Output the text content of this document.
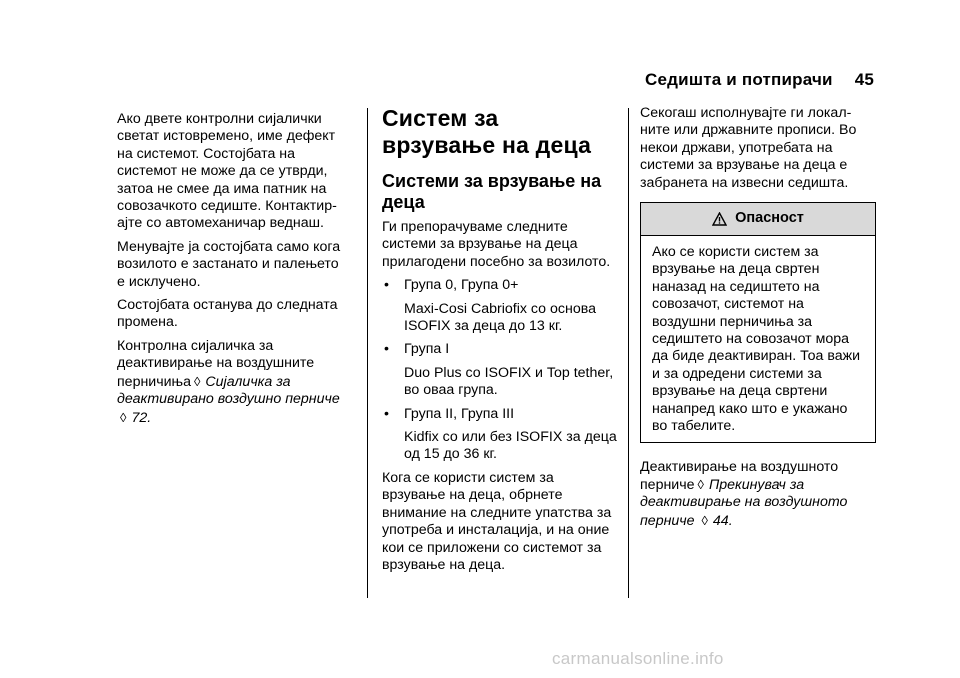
Седишта и потпирачи 45

Ако двете контролни сијалички светат истовремено, име дефект на системот. Состојбата на системот не може да се утврди, затоа не смее да има патник на совозачкото седиште. Контактир-ајте со автомеханичар веднаш.

Менувајте ја состојбата само кога возилото е застанато и палењето е исклучено.

Состојбата останува до следната промена.

Контролна сијаличка за деактивирање на воздушните перничињa ◊ Сијаличка за деактивирано воздушно перниче ◊ 72.

Систем за врзување на деца
Системи за врзување на деца

Ги препорачуваме следните системи за врзување на деца прилагодени посебно за возилото.

• Група 0, Група 0+
Maxi-Cosi Cabriofix со основа ISOFIX за деца до 13 кг.
• Група I
Duo Plus со ISOFIX и Top tether, во оваа група.
• Група II, Група III
Kidfix со или без ISOFIX за деца од 15 до 36 кг.

Кога се користи систем за врзување на деца, обрнете внимание на следните упатства за употреба и инсталација, и на оние кои се приложени со системот за врзување на деца.

Секогаш исполнувајте ги локал-ните или државните прописи. Во некои држави, употребата на системи за врзување на деца е забранета на извесни седишта.

Опасност
Ако се користи систем за врзување на деца свртен наназад на седиштето на совозачот, системот на воздушни перничиња за седиштето на совозачот мора да биде деактивиран. Тоа важи и за одредени системи за врзување на деца свртени нанапред како што е укажано во табелите.

Деактивирање на воздушното перниче ◊ Прекинувач за деактивирање на воздушното перниче ◊ 44.

carmanualsonline.info
